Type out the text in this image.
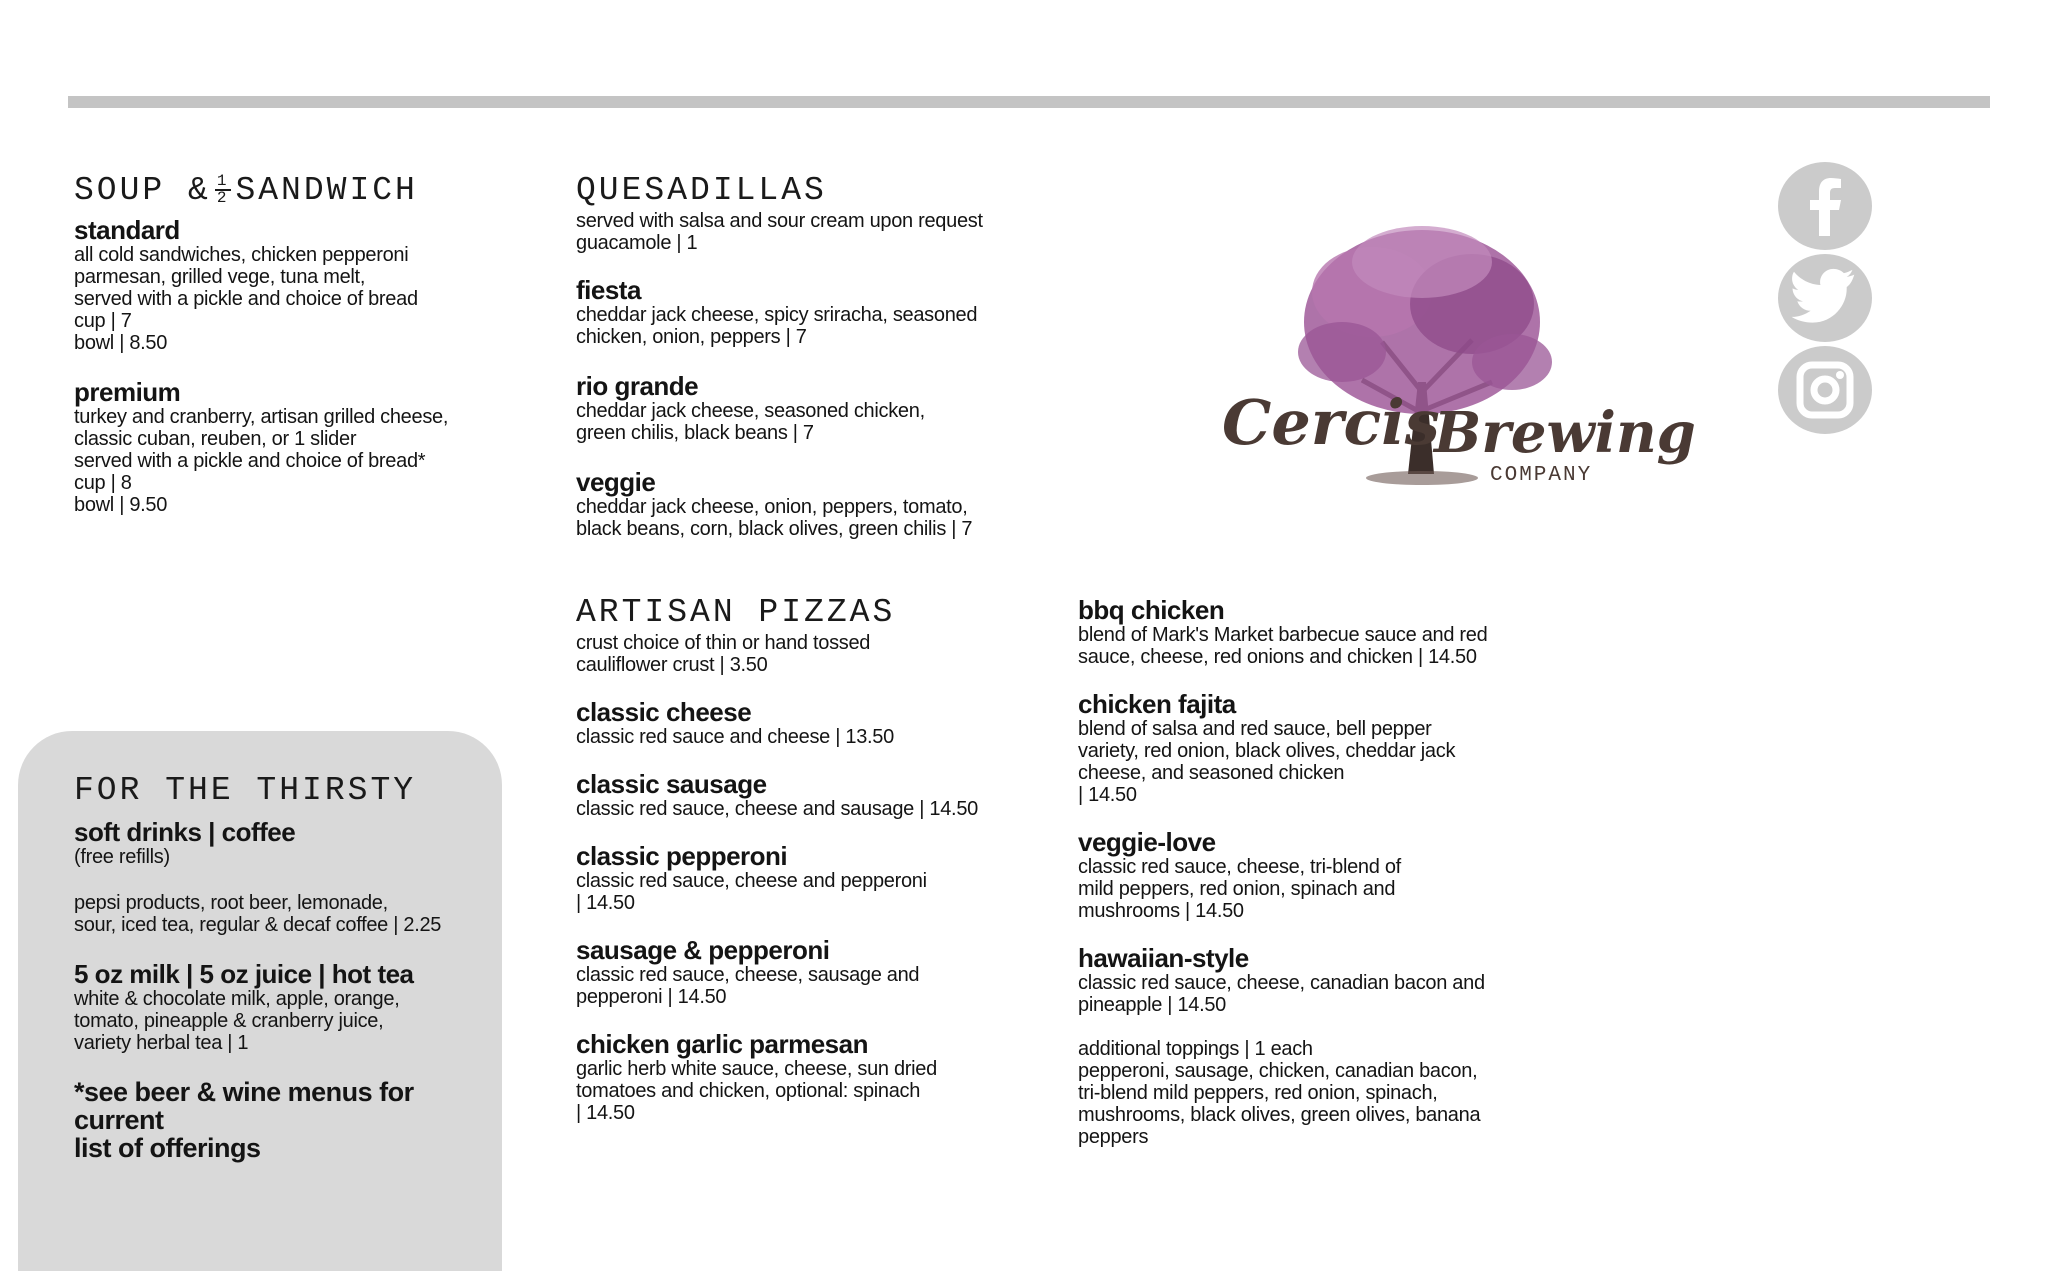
SOUP & $\frac{1}{2}$ SANDWICH
standard
all cold sandwiches, chicken pepperoni
parmesan, grilled vege, tuna melt,
served with a pickle and choice of bread
cup | 7
bowl | 8.50
premium
turkey and cranberry, artisan grilled cheese,
classic cuban, reuben, or 1 slider
served with a pickle and choice of bread*
cup | 8
bowl | 9.50
QUESADILLAS
served with salsa and sour cream upon request
guacamole | 1
fiesta
cheddar jack cheese, spicy sriracha, seasoned
chicken, onion, peppers | 7
rio grande
cheddar jack cheese, seasoned chicken,
green chilis, black beans | 7
veggie
cheddar jack cheese, onion, peppers, tomato,
black beans, corn, black olives, green chilis | 7
ARTISAN PIZZAS
crust choice of thin or hand tossed
cauliflower crust | 3.50
classic cheese
classic red sauce and cheese | 13.50
classic sausage
classic red sauce, cheese and sausage | 14.50
classic pepperoni
classic red sauce, cheese and pepperoni
| 14.50
sausage & pepperoni
classic red sauce, cheese, sausage and
pepperoni | 14.50
chicken garlic parmesan
garlic herb white sauce, cheese, sun dried
tomatoes and chicken, optional: spinach
| 14.50
bbq chicken
blend of Mark's Market barbecue sauce and red
sauce, cheese, red onions and chicken | 14.50
chicken fajita
blend of salsa and red sauce, bell pepper
variety, red onion, black olives, cheddar jack
cheese, and seasoned chicken
| 14.50
veggie-love
classic red sauce, cheese, tri-blend of
mild peppers, red onion, spinach and
mushrooms | 14.50
hawaiian-style
classic red sauce, cheese, canadian bacon and
pineapple | 14.50
additional toppings | 1 each
pepperoni, sausage, chicken, canadian bacon,
tri-blend mild peppers, red onion, spinach,
mushrooms, black olives, green olives, banana
peppers
FOR THE THIRSTY
soft drinks | coffee
(free refills)
pepsi products, root beer, lemonade,
sour, iced tea, regular & decaf coffee | 2.25
5 oz milk | 5 oz juice | hot tea
white & chocolate milk, apple, orange,
tomato, pineapple & cranberry juice,
variety herbal tea | 1
*see beer & wine menus for current
list of offerings
Cercis
Brewing
COMPANY
